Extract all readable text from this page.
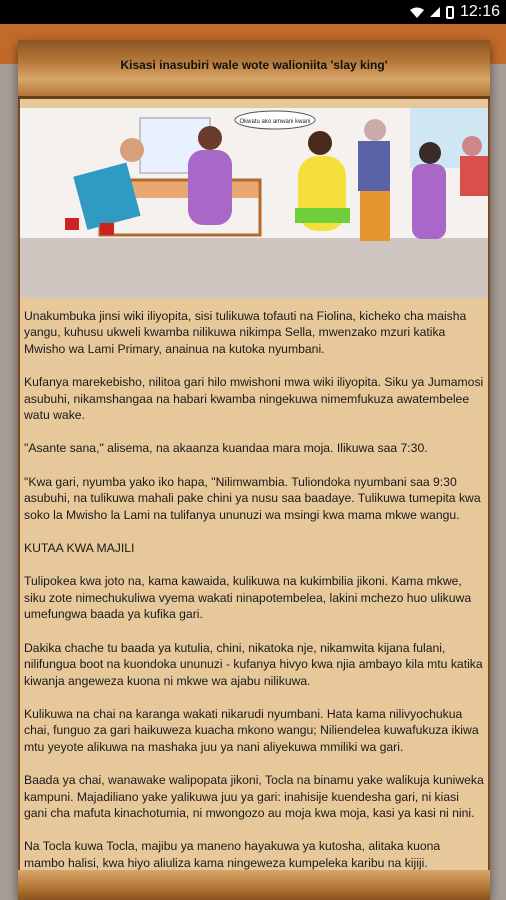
12:16
Kisasi inasubiri wale wote walioniita 'slay king'
Okwatu ako amwani kwani

Unakumbuka jinsi wiki iliyopita, sisi tulikuwa tofauti na Fiolina, kicheko cha maisha yangu, kuhusu ukweli kwamba nilikuwa nikimpa Sella, mwenzako mzuri katika Mwisho wa Lami Primary, anainua na kutoka nyumbani.

Kufanya marekebisho, nilitoa gari hilo mwishoni mwa wiki iliyopita. Siku ya Jumamosi asubuhi, nikamshangaa na habari kwamba ningekuwa nimemfukuza awatembelee watu wake.

"Asante sana," alisema, na akaanza kuandaa mara moja. Ilikuwa saa 7:30.

"Kwa gari, nyumba yako iko hapa, "Nilimwambia. Tuliondoka nyumbani saa 9:30 asubuhi, na tulikuwa mahali pake chini ya nusu saa baadaye. Tulikuwa tumepita kwa soko la Mwisho la Lami na tulifanya ununuzi wa msingi kwa mama mkwe wangu.

KUTAA KWA MAJILI

Tulipokea kwa joto na, kama kawaida, kulikuwa na kukimbilia jikoni. Kama mkwe, siku zote nimechukuliwa vyema wakati ninapotembelea, lakini mchezo huo ulikuwa umefungwa baada ya kufika gari.

Dakika chache tu baada ya kutulia, chini, nikatoka nje, nikamwita kijana fulani, nilifungua boot na kuondoka ununuzi - kufanya hivyo kwa njia ambayo kila mtu katika kiwanja angeweza kuona ni mkwe wa ajabu nilikuwa.

Kulikuwa na chai na karanga wakati nikarudi nyumbani. Hata kama nilivyochukua chai, funguo za gari haikuweza kuacha mkono wangu; Niliendelea kuwafukuza ikiwa mtu yeyote alikuwa na mashaka juu ya nani aliyekuwa mmiliki wa gari.

Baada ya chai, wanawake walipopata jikoni, Tocla na binamu yake walikuja kuniweka kampuni. Majadiliano yake yalikuwa juu ya gari: inahisije kuendesha gari, ni kiasi gani cha mafuta kinachotumia, ni mwongozo au moja kwa moja, kasi ya kasi ni nini.

Na Tocla kuwa Tocla, majibu ya maneno hayakuwa ya kutosha, alitaka kuona mambo halisi, kwa hiyo aliuliza kama ningeweza kumpeleka karibu na kijiji.
